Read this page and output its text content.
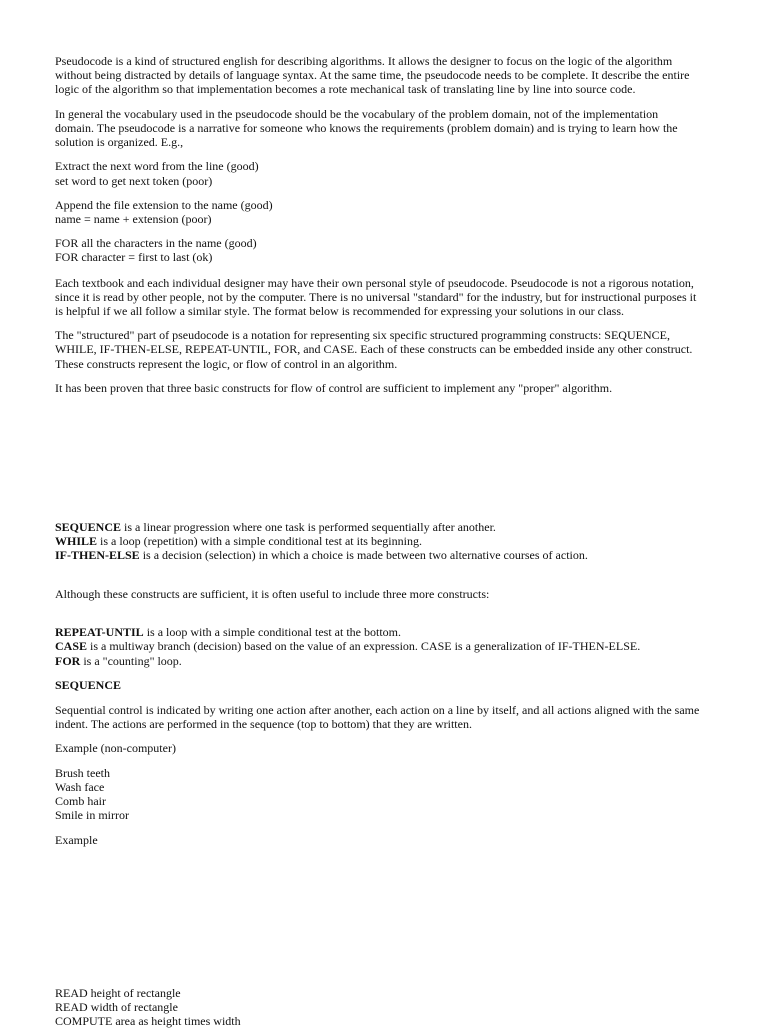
Pseudocode is a kind of structured english for describing algorithms. It allows the designer to focus on the logic of the algorithm
without being distracted by details of language syntax. At the same time, the pseudocode needs to be complete. It describe the entire
logic of the algorithm so that implementation becomes a rote mechanical task of translating line by line into source code.
In general the vocabulary used in the pseudocode should be the vocabulary of the problem domain, not of the implementation
domain. The pseudocode is a narrative for someone who knows the requirements (problem domain) and is trying to learn how the
solution is organized. E.g.,
Extract the next word from the line (good)
set word to get next token (poor)
Append the file extension to the name (good)
name = name + extension (poor)
FOR all the characters in the name (good)
FOR character = first to last (ok)
Each textbook and each individual designer may have their own personal style of pseudocode. Pseudocode is not a rigorous notation,
since it is read by other people, not by the computer. There is no universal "standard" for the industry, but for instructional purposes it
is helpful if we all follow a similar style. The format below is recommended for expressing your solutions in our class.
The "structured" part of pseudocode is a notation for representing six specific structured programming constructs: SEQUENCE,
WHILE, IF-THEN-ELSE, REPEAT-UNTIL, FOR, and CASE. Each of these constructs can be embedded inside any other construct.
These constructs represent the logic, or flow of control in an algorithm.
It has been proven that three basic constructs for flow of control are sufficient to implement any "proper" algorithm.
SEQUENCE is a linear progression where one task is performed sequentially after another.
WHILE is a loop (repetition) with a simple conditional test at its beginning.
IF-THEN-ELSE is a decision (selection) in which a choice is made between two alternative courses of action.
Although these constructs are sufficient, it is often useful to include three more constructs:
REPEAT-UNTIL is a loop with a simple conditional test at the bottom.
CASE is a multiway branch (decision) based on the value of an expression. CASE is a generalization of IF-THEN-ELSE.
FOR is a "counting" loop.
SEQUENCE
Sequential control is indicated by writing one action after another, each action on a line by itself, and all actions aligned with the same
indent. The actions are performed in the sequence (top to bottom) that they are written.
Example (non-computer)
Brush teeth
Wash face
Comb hair
Smile in mirror
Example
READ height of rectangle
READ width of rectangle
COMPUTE area as height times width
